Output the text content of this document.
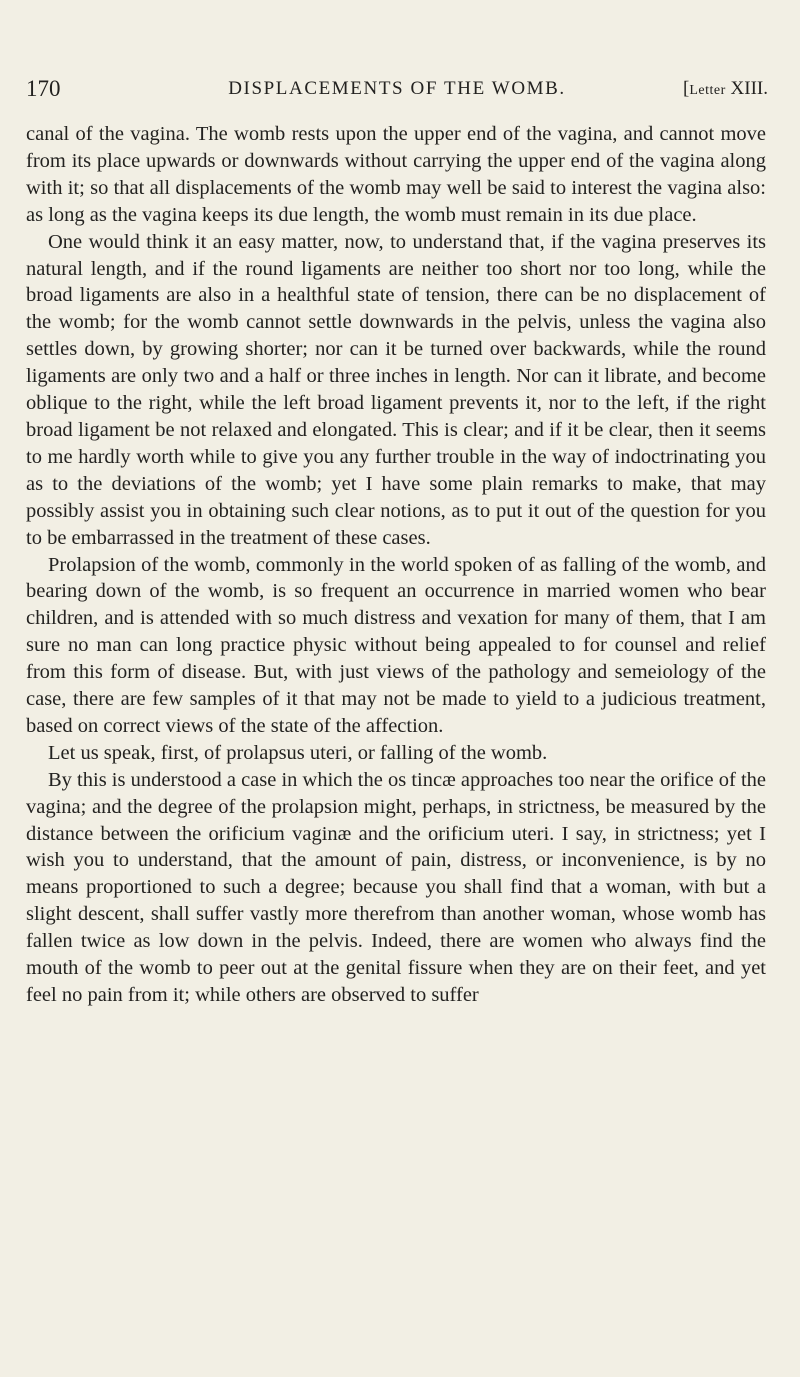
170	DISPLACEMENTS OF THE WOMB.	[Letter XIII.

canal of the vagina. The womb rests upon the upper end of the vagina, and cannot move from its place upwards or downwards without carrying the upper end of the vagina along with it; so that all displacements of the womb may well be said to interest the vagina also: as long as the vagina keeps its due length, the womb must remain in its due place.

One would think it an easy matter, now, to understand that, if the vagina preserves its natural length, and if the round ligaments are neither too short nor too long, while the broad ligaments are also in a healthful state of tension, there can be no displacement of the womb; for the womb cannot settle downwards in the pelvis, unless the vagina also settles down, by growing shorter; nor can it be turned over backwards, while the round ligaments are only two and a half or three inches in length. Nor can it librate, and become oblique to the right, while the left broad ligament prevents it, nor to the left, if the right broad ligament be not relaxed and elongated. This is clear; and if it be clear, then it seems to me hardly worth while to give you any further trouble in the way of indoctrinating you as to the deviations of the womb; yet I have some plain remarks to make, that may possibly assist you in obtaining such clear notions, as to put it out of the question for you to be embarrassed in the treatment of these cases.

Prolapsion of the womb, commonly in the world spoken of as falling of the womb, and bearing down of the womb, is so frequent an occurrence in married women who bear children, and is attended with so much distress and vexation for many of them, that I am sure no man can long practice physic without being appealed to for counsel and relief from this form of disease. But, with just views of the pathology and semeiology of the case, there are few samples of it that may not be made to yield to a judicious treatment, based on correct views of the state of the affection.

Let us speak, first, of prolapsus uteri, or falling of the womb.

By this is understood a case in which the os tincæ approaches too near the orifice of the vagina; and the degree of the prolapsion might, perhaps, in strictness, be measured by the distance between the orificium vaginæ and the orificium uteri. I say, in strictness; yet I wish you to understand, that the amount of pain, distress, or inconvenience, is by no means proportioned to such a degree; because you shall find that a woman, with but a slight descent, shall suffer vastly more therefrom than another woman, whose womb has fallen twice as low down in the pelvis. Indeed, there are women who always find the mouth of the womb to peer out at the genital fissure when they are on their feet, and yet feel no pain from it; while others are observed to suffer
